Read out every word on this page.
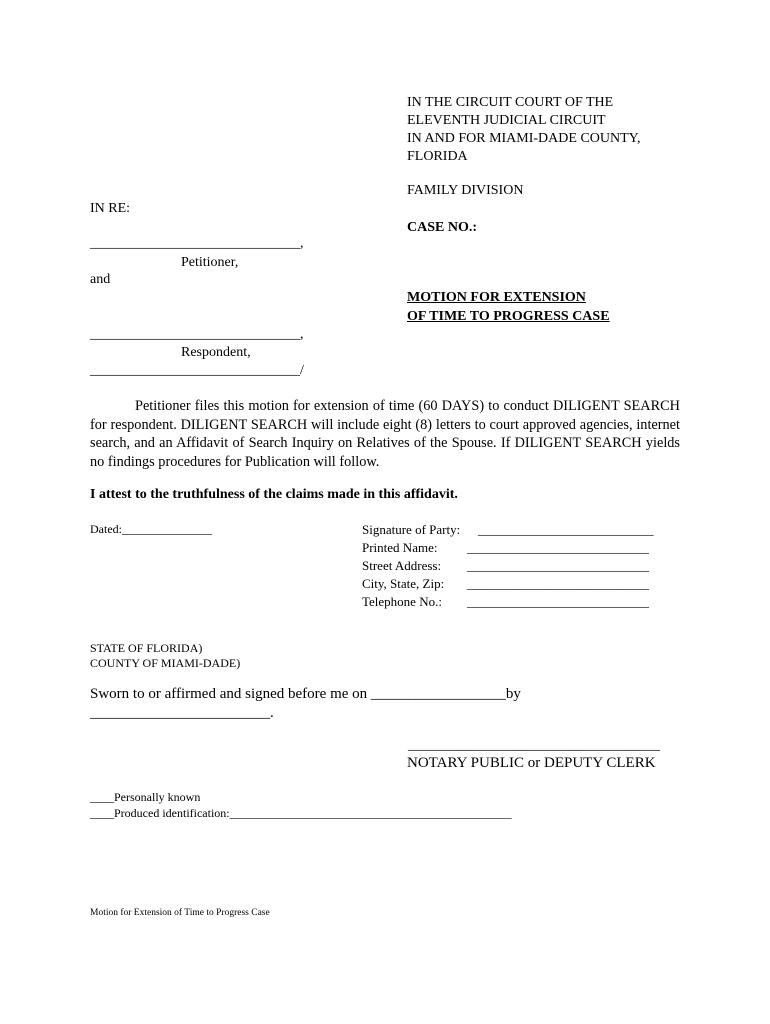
IN THE CIRCUIT COURT OF THE
ELEVENTH JUDICIAL CIRCUIT
IN AND FOR MIAMI-DADE COUNTY,
FLORIDA
FAMILY DIVISION
CASE NO.:
IN RE:
______________________________,
Petitioner,
and
______________________________,
Respondent,
______________________________/
MOTION FOR EXTENSION
OF TIME TO PROGRESS CASE
Petitioner files this motion for extension of time (60 DAYS) to conduct DILIGENT SEARCH for respondent. DILIGENT SEARCH will include eight (8) letters to court approved agencies, internet search, and an Affidavit of Search Inquiry on Relatives of the Spouse. If DILIGENT SEARCH yields no findings procedures for Publication will follow.
I attest to the truthfulness of the claims made in this affidavit.
Dated:_______________	Signature of Party: ___________________________
Printed Name: ____________________________
Street Address: ____________________________
City, State, Zip: ____________________________
Telephone No.: ____________________________
STATE OF FLORIDA)
COUNTY OF MIAMI-DADE)
Sworn to or affirmed and signed before me on __________________by
________________________.
____________________________________
NOTARY PUBLIC or DEPUTY CLERK
____Personally known
____Produced identification:_______________________________________________
Motion for Extension of Time to Progress Case
